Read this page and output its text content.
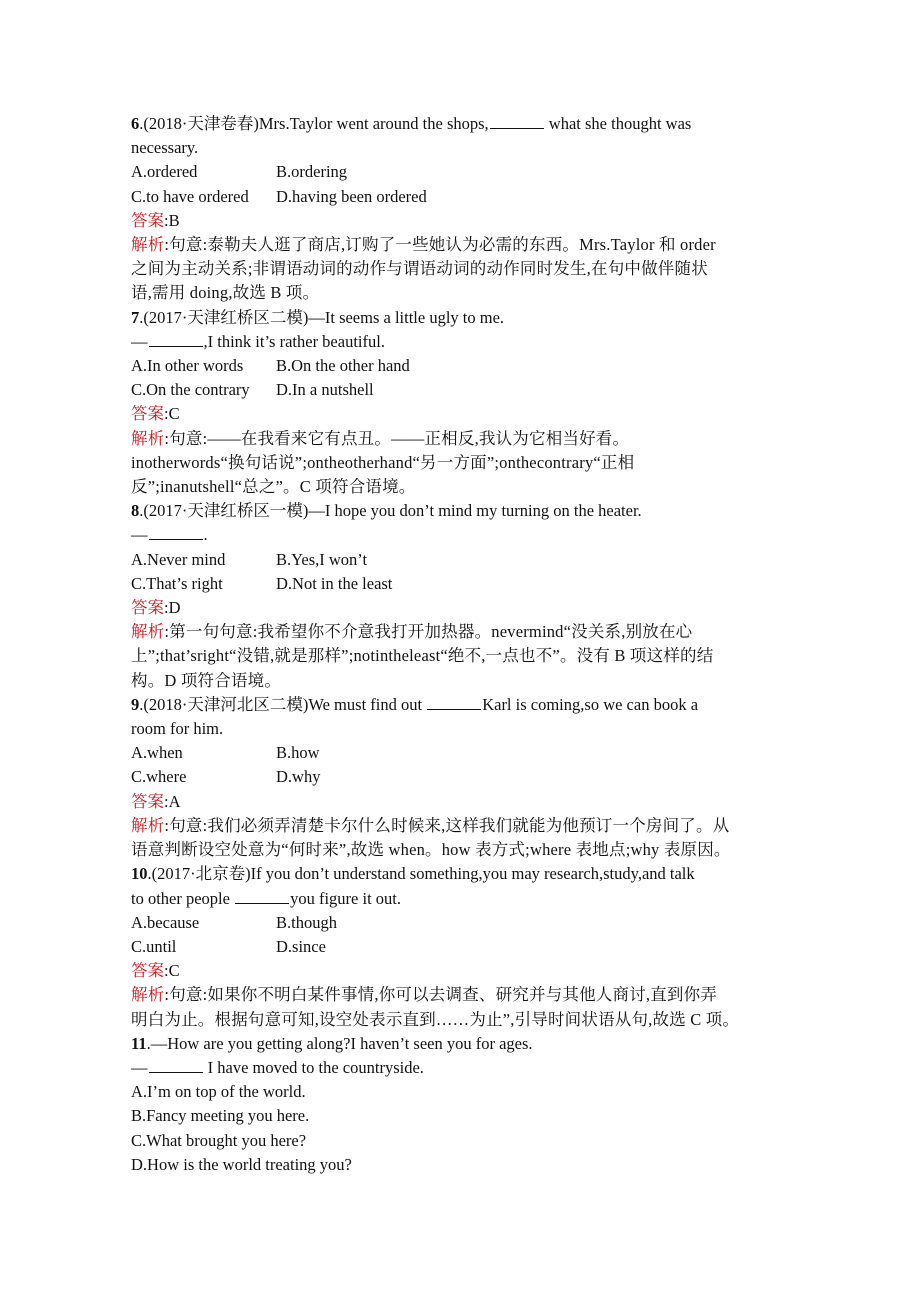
6.(2018·天津卷春)Mrs.Taylor went around the shops,	what she thought was
necessary.
A.ordered	B.ordering
C.to have ordered D.having been ordered
答案:B
解析:句意:泰勒夫人逛了商店,订购了一些她认为必需的东西。Mrs.Taylor 和 order
之间为主动关系;非谓语动词的动作与谓语动词的动作同时发生,在句中做伴随状
语,需用 doing,故选 B 项。
7.(2017·天津红桥区二模)—It seems a little ugly to me.
—	,I think it’s rather beautiful.
A.In other words B.On the other hand
C.On the contrary D.In a nutshell
答案:C
解析:句意:——在我看来它有点丑。——正相反,我认为它相当好看。
inotherwords“换句话说”;ontheotherhand“另一方面”;onthecontrary“正相
反”;inanutshell“总之”。C 项符合语境。
8.(2017·天津红桥区一模)—I hope you don’t mind my turning on the heater.
—	.
A.Never mind	B.Yes,I won’t
C.That’s right	D.Not in the least
答案:D
解析:第一句句意:我希望你不介意我打开加热器。nevermind“没关系,别放在心
上”;that’sright“没错,就是那样”;notintheleast“绝不,一点也不”。没有 B 项这样的结
构。D 项符合语境。
9.(2018·天津河北区二模)We must find out	Karl is coming,so we can book a
room for him.
A.when	B.how
C.where	D.why
答案:A
解析:句意:我们必须弄清楚卡尔什么时候来,这样我们就能为他预订一个房间了。从
语意判断设空处意为“何时来”,故选 when。how 表方式;where 表地点;why 表原因。
10.(2017·北京卷)If you don’t understand something,you may research,study,and talk
to other people	you figure it out.
A.because	B.though
C.until	D.since
答案:C
解析:句意:如果你不明白某件事情,你可以去调查、研究并与其他人商讨,直到你弄
明白为止。根据句意可知,设空处表示直到……为止”,引导时间状语从句,故选 C 项。
11.—How are you getting along?I haven’t seen you for ages.
—	I have moved to the countryside.
A.I’m on top of the world.
B.Fancy meeting you here.
C.What brought you here?
D.How is the world treating you?
